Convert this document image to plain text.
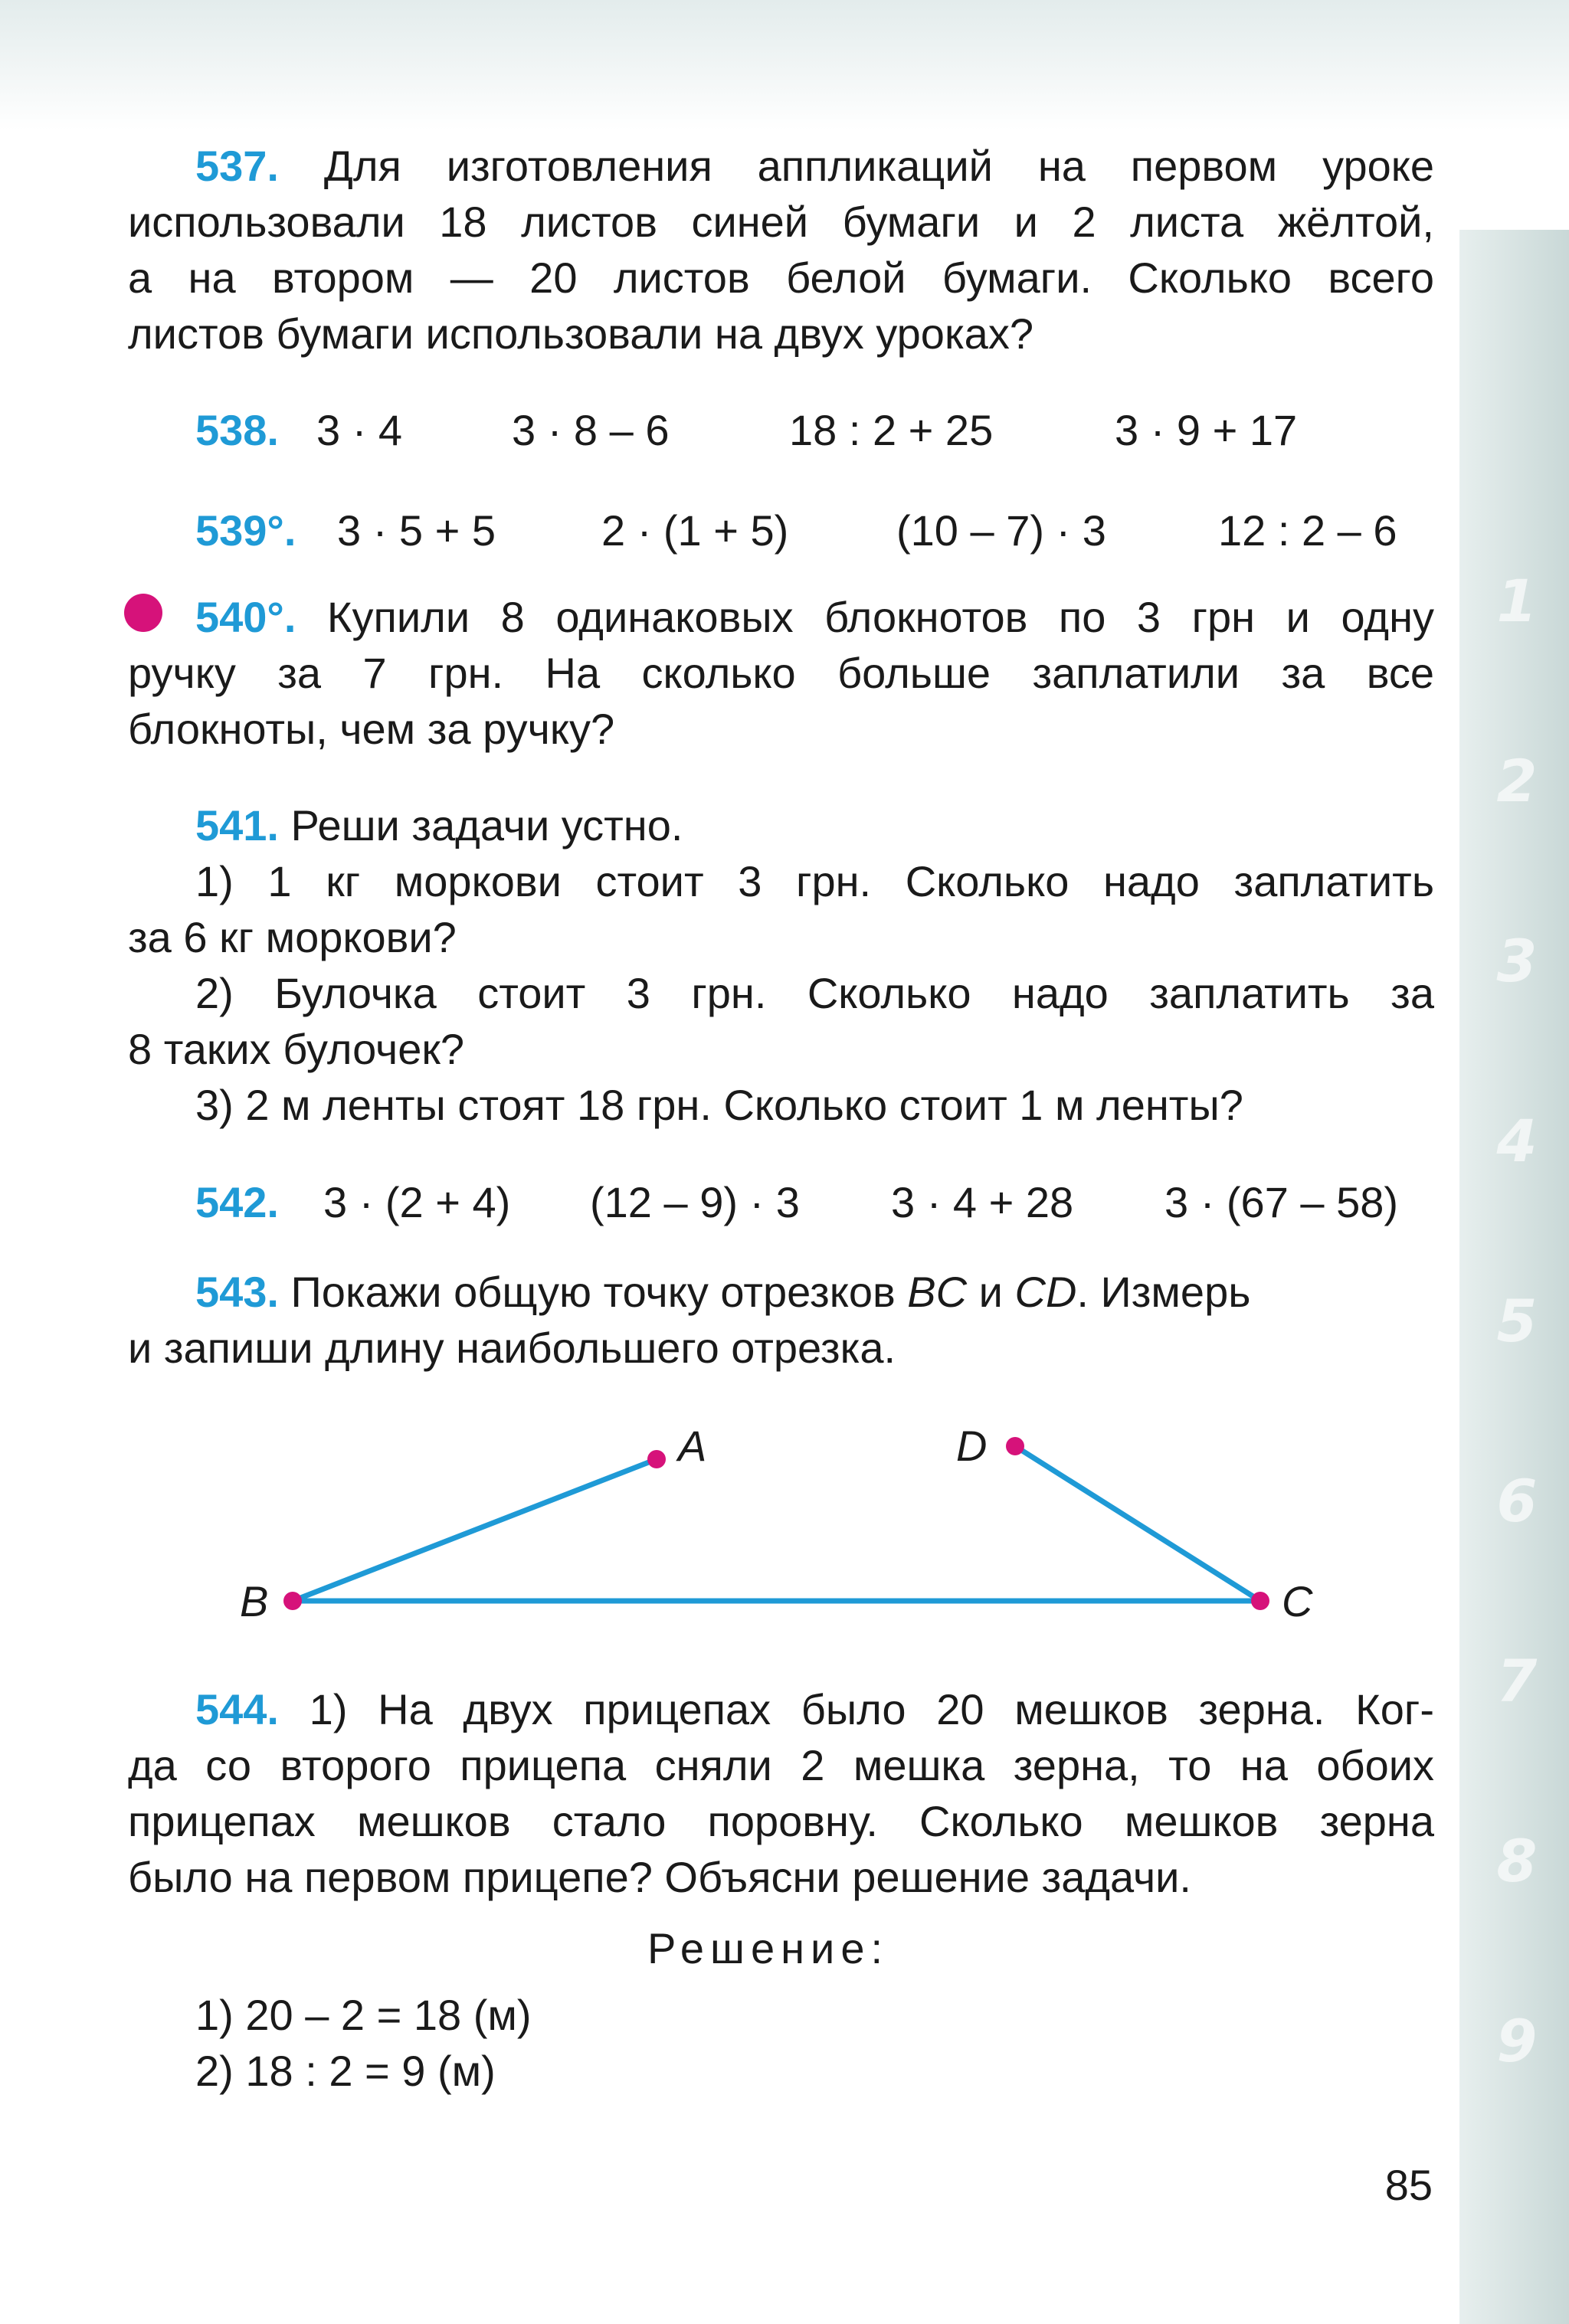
1
2
3
4
5
6
7
8
9
537. Для изготовления аппликаций на первом уроке
использовали 18 листов синей бумаги и 2 листа жёлтой,
а на втором — 20 листов белой бумаги. Сколько всего
листов бумаги использовали на двух уроках?
538. 3 · 4	3 · 8 – 6	18 : 2 + 25	3 · 9 + 17
539°. 3 · 5 + 5 2 · (1 + 5)	(10 – 7) · 3	12 : 2 – 6
540°. Купили 8 одинаковых блокнотов по 3 грн и одну
ручку за 7 грн. На сколько больше заплатили за все
блокноты, чем за ручку?
541. Реши задачи устно.
1) 1 кг моркови стоит 3 грн. Сколько надо заплатить
за 6 кг моркови?
2) Булочка стоит 3 грн. Сколько надо заплатить за
8 таких булочек?
3) 2 м ленты стоят 18 грн. Сколько стоит 1 м ленты?
542. 3 · (2 + 4) (12 – 9) · 3 3 · 4 + 28 3 · (67 – 58)
543. Покажи общую точку отрезков BC и CD. Измерь
и запиши длину наибольшего отрезка.
A
B	C
D
544. 1) На двух прицепах было 20 мешков зерна. Ког-
да со второго прицепа сняли 2 мешка зерна, то на обоих
прицепах мешков стало поровну. Сколько мешков зерна
было на первом прицепе? Объясни решение задачи.
Решение:
1) 20 – 2 = 18 (м)
2) 18 : 2 = 9 (м)
85
